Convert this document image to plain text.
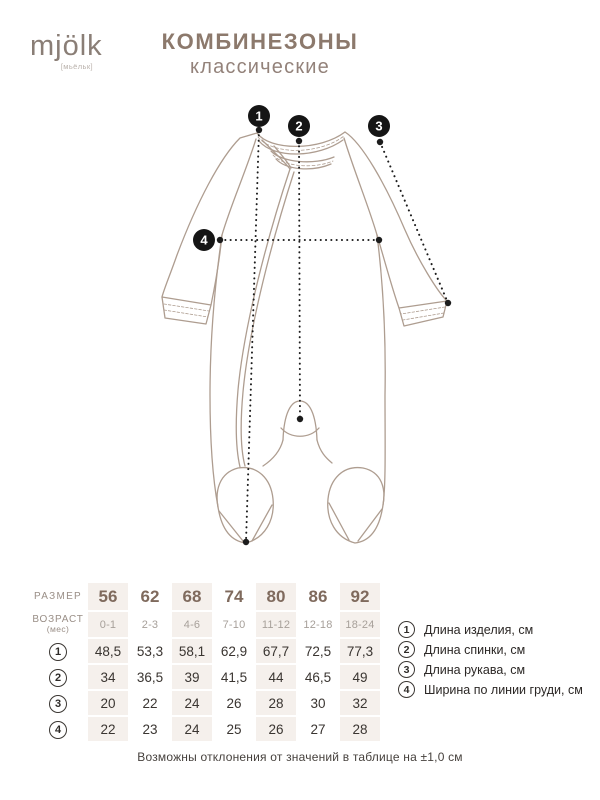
mjölk
[мьёльк]
КОМБИНЕЗОНЫ
классические
1
2	3
4
РАЗМЕР	56	62	68	74	80	86	92
ВОЗРАСТ
(мес)	0-1	2-3	4-6	7-10	11-12	12-18	18-24
1	48,5	53,3	58,1	62,9	67,7	72,5	77,3
2	34	36,5	39	41,5	44	46,5	49
3	20	22	24	26	28	30	32
4	22	23	24	25	26	27	28
1	Длина изделия, см
2	Длина спинки, см
3	Длина рукава, см
4	Ширина по линии груди, см
Возможны отклонения от значений в таблице на ±1,0 см
